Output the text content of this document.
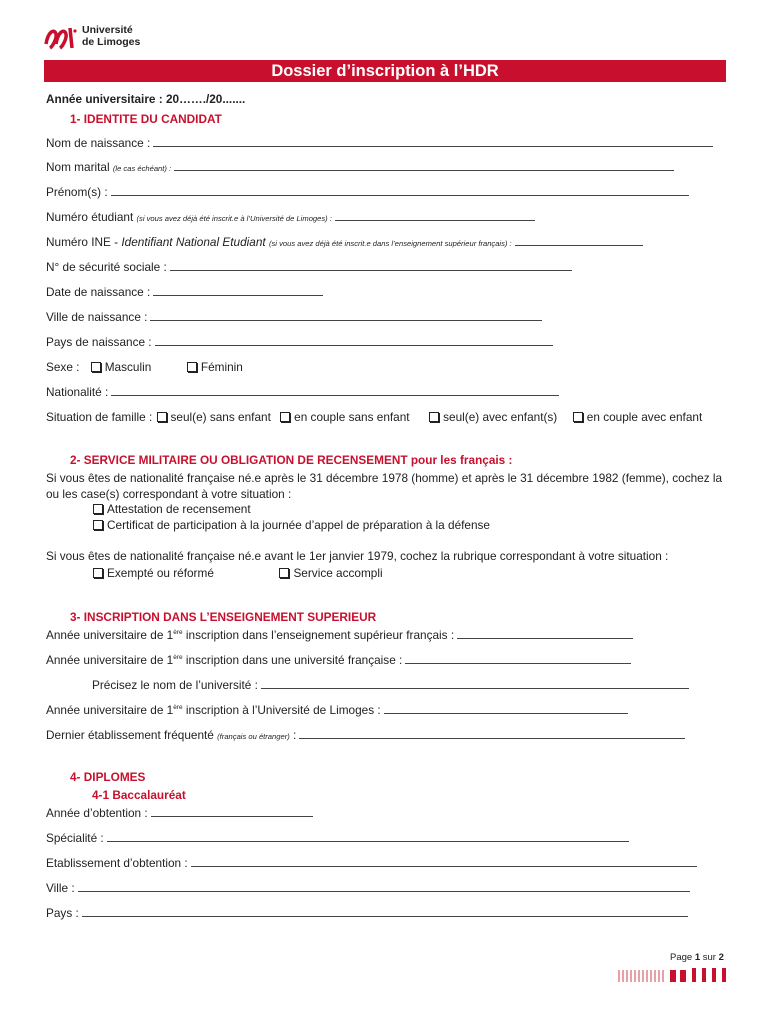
Université
de Limoges
Dossier d’inscription à l’HDR
Année universitaire : 20……./20.......
1- IDENTITE DU CANDIDAT
Nom de naissance :
Nom marital (le cas échéant) :
Prénom(s) :
Numéro étudiant (si vous avez déjà été inscrit.e à l’Université de Limoges) :
Numéro INE - Identifiant National Etudiant (si vous avez déjà été inscrit.e dans l’enseignement supérieur français) :
N° de sécurité sociale :
Date de naissance :
Ville de naissance :
Pays de naissance :
Sexe : Masculin	Féminin
Nationalité :
Situation de famille : seul(e) sans enfant en couple sans enfant	seul(e) avec enfant(s)	en couple avec enfant
2- SERVICE MILITAIRE OU OBLIGATION DE RECENSEMENT pour les français :
Si vous êtes de nationalité française né.e après le 31 décembre 1978 (homme) et après le 31 décembre 1982 (femme), cochez la
ou les case(s) correspondant à votre situation :
Attestation de recensement
Certificat de participation à la journée d’appel de préparation à la défense
Si vous êtes de nationalité française né.e avant le 1er janvier 1979, cochez la rubrique correspondant à votre situation :
Exempté ou réformé	Service accompli
3- INSCRIPTION DANS L’ENSEIGNEMENT SUPERIEUR
Année universitaire de 1ère inscription dans l’enseignement supérieur français :
Année universitaire de 1ère inscription dans une université française :
Précisez le nom de l’université :
Année universitaire de 1ère inscription à l’Université de Limoges :
Dernier établissement fréquenté (français ou étranger) :
4- DIPLOMES
4-1 Baccalauréat
Année d’obtention :
Spécialité :
Etablissement d’obtention :
Ville :
Pays :
Page 1 sur 2
